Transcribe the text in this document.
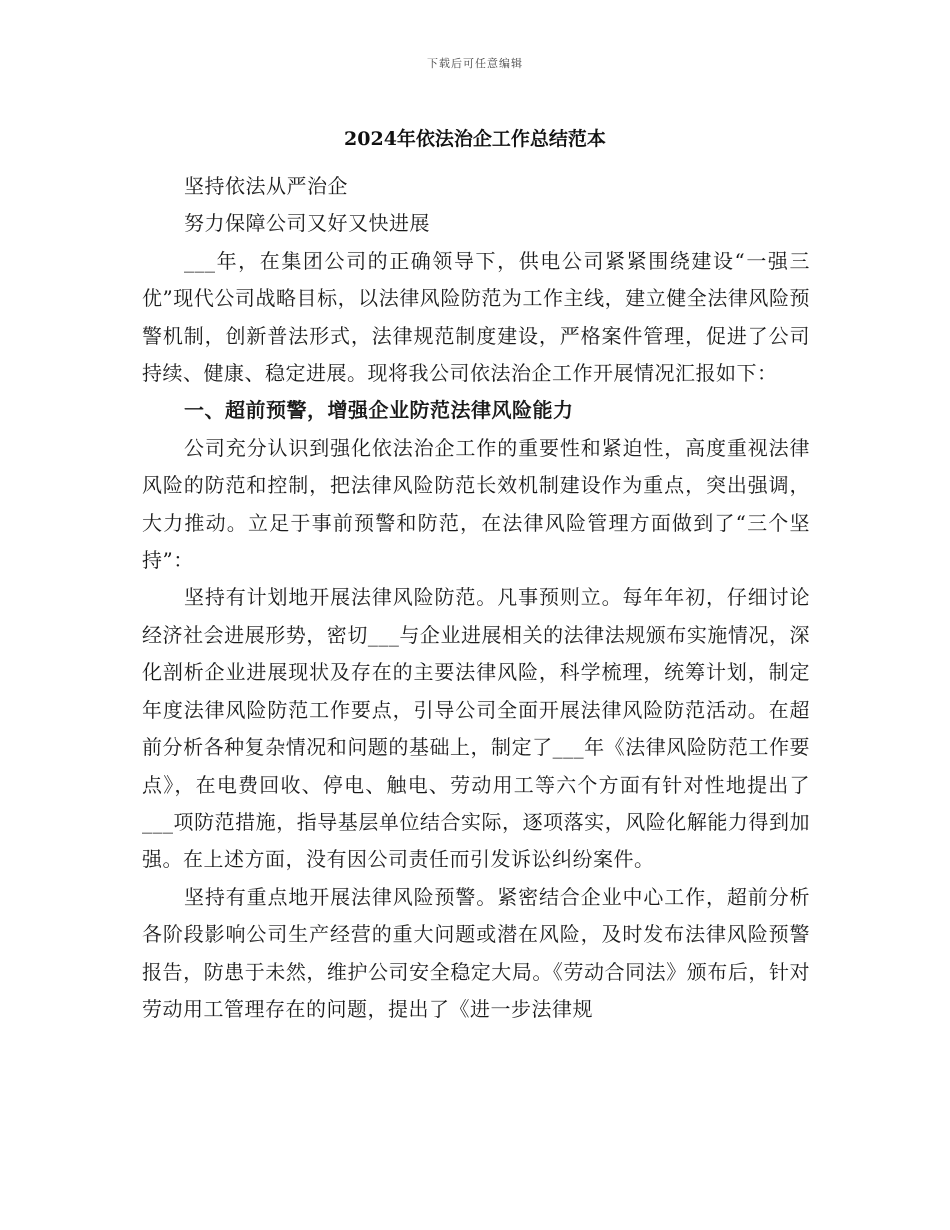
下载后可任意编辑
2024年依法治企工作总结范本

坚持依法从严治企

努力保障公司又好又快进展

___年，在集团公司的正确领导下，供电公司紧紧围绕建设“一强三优”现代公司战略目标，以法律风险防范为工作主线，建立健全法律风险预警机制，创新普法形式，法律规范制度建设，严格案件管理，促进了公司持续、健康、稳定进展。现将我公司依法治企工作开展情况汇报如下：

一、超前预警，增强企业防范法律风险能力

公司充分认识到强化依法治企工作的重要性和紧迫性，高度重视法律风险的防范和控制，把法律风险防范长效机制建设作为重点，突出强调，大力推动。立足于事前预警和防范，在法律风险管理方面做到了“三个坚持”：

坚持有计划地开展法律风险防范。凡事预则立。每年年初，仔细讨论经济社会进展形势，密切___与企业进展相关的法律法规颁布实施情况，深化剖析企业进展现状及存在的主要法律风险，科学梳理，统筹计划，制定年度法律风险防范工作要点，引导公司全面开展法律风险防范活动。在超前分析各种复杂情况和问题的基础上，制定了___年《法律风险防范工作要点》，在电费回收、停电、触电、劳动用工等六个方面有针对性地提出了___项防范措施，指导基层单位结合实际，逐项落实，风险化解能力得到加强。在上述方面，没有因公司责任而引发诉讼纠纷案件。

坚持有重点地开展法律风险预警。紧密结合企业中心工作，超前分析各阶段影响公司生产经营的重大问题或潜在风险，及时发布法律风险预警报告，防患于未然，维护公司安全稳定大局。《劳动合同法》颁布后，针对劳动用工管理存在的问题，提出了《进一步法律规
